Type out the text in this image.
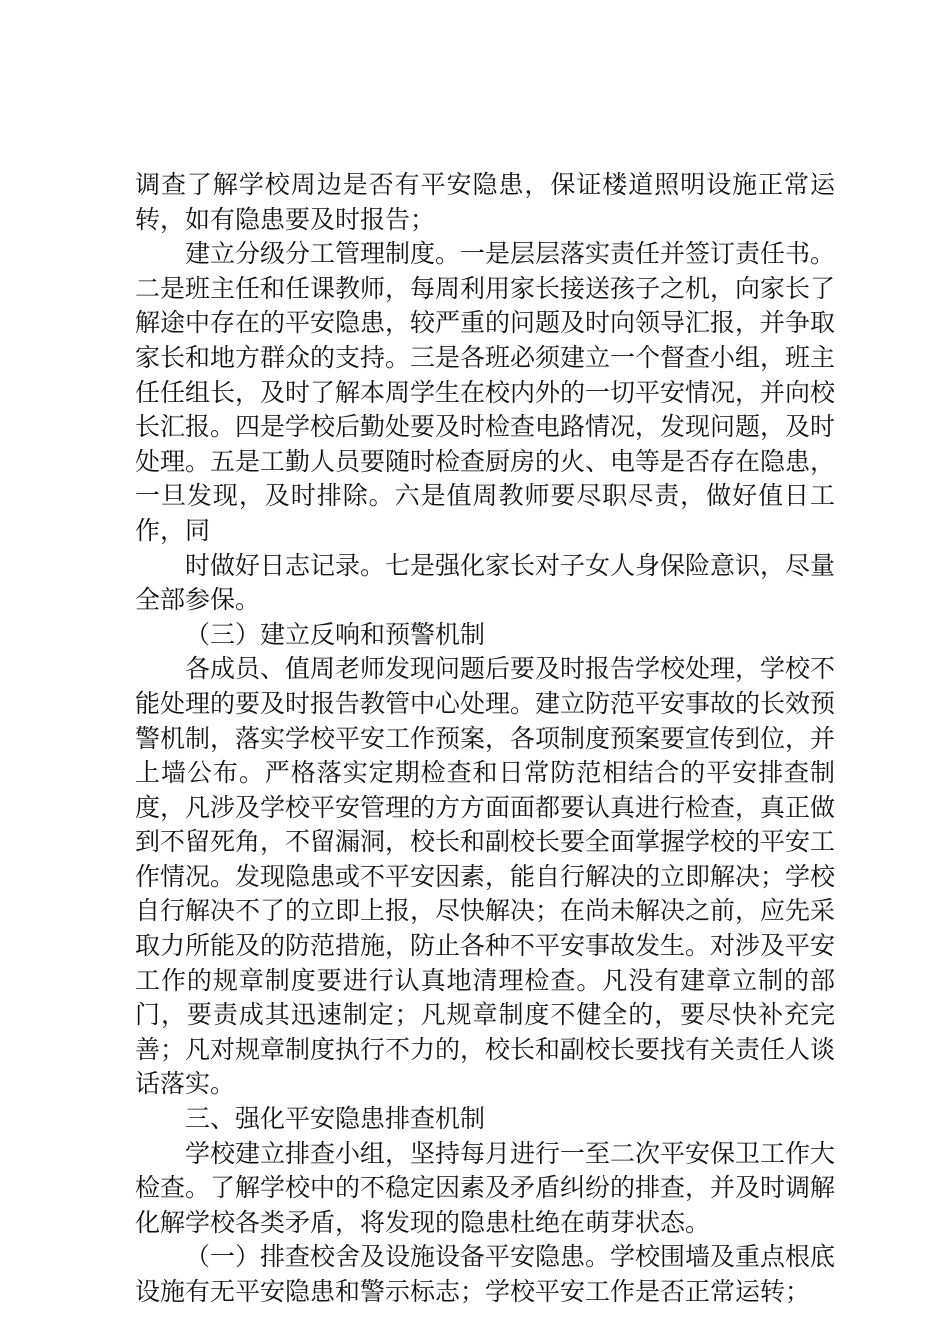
调查了解学校周边是否有平安隐患，保证楼道照明设施正常运转，如有隐患要及时报告；

建立分级分工管理制度。一是层层落实责任并签订责任书。二是班主任和任课教师，每周利用家长接送孩子之机，向家长了解途中存在的平安隐患，较严重的问题及时向领导汇报，并争取家长和地方群众的支持。三是各班必须建立一个督查小组，班主任任组长，及时了解本周学生在校内外的一切平安情况，并向校长汇报。四是学校后勤处要及时检查电路情况，发现问题，及时处理。五是工勤人员要随时检查厨房的火、电等是否存在隐患，一旦发现，及时排除。六是值周教师要尽职尽责，做好值日工作，同

时做好日志记录。七是强化家长对子女人身保险意识，尽量全部参保。

（三）建立反响和预警机制

各成员、值周老师发现问题后要及时报告学校处理，学校不能处理的要及时报告教管中心处理。建立防范平安事故的长效预警机制，落实学校平安工作预案，各项制度预案要宣传到位，并上墙公布。严格落实定期检查和日常防范相结合的平安排查制度，凡涉及学校平安管理的方方面面都要认真进行检查，真正做到不留死角，不留漏洞，校长和副校长要全面掌握学校的平安工作情况。发现隐患或不平安因素，能自行解决的立即解决；学校自行解决不了的立即上报，尽快解决；在尚未解决之前，应先采取力所能及的防范措施，防止各种不平安事故发生。对涉及平安工作的规章制度要进行认真地清理检查。凡没有建章立制的部门，要责成其迅速制定；凡规章制度不健全的，要尽快补充完善；凡对规章制度执行不力的，校长和副校长要找有关责任人谈话落实。

三、强化平安隐患排查机制

学校建立排查小组，坚持每月进行一至二次平安保卫工作大检查。了解学校中的不稳定因素及矛盾纠纷的排查，并及时调解化解学校各类矛盾，将发现的隐患杜绝在萌芽状态。

（一）排查校舍及设施设备平安隐患。学校围墙及重点根底设施有无平安隐患和警示标志；学校平安工作是否正常运转；
